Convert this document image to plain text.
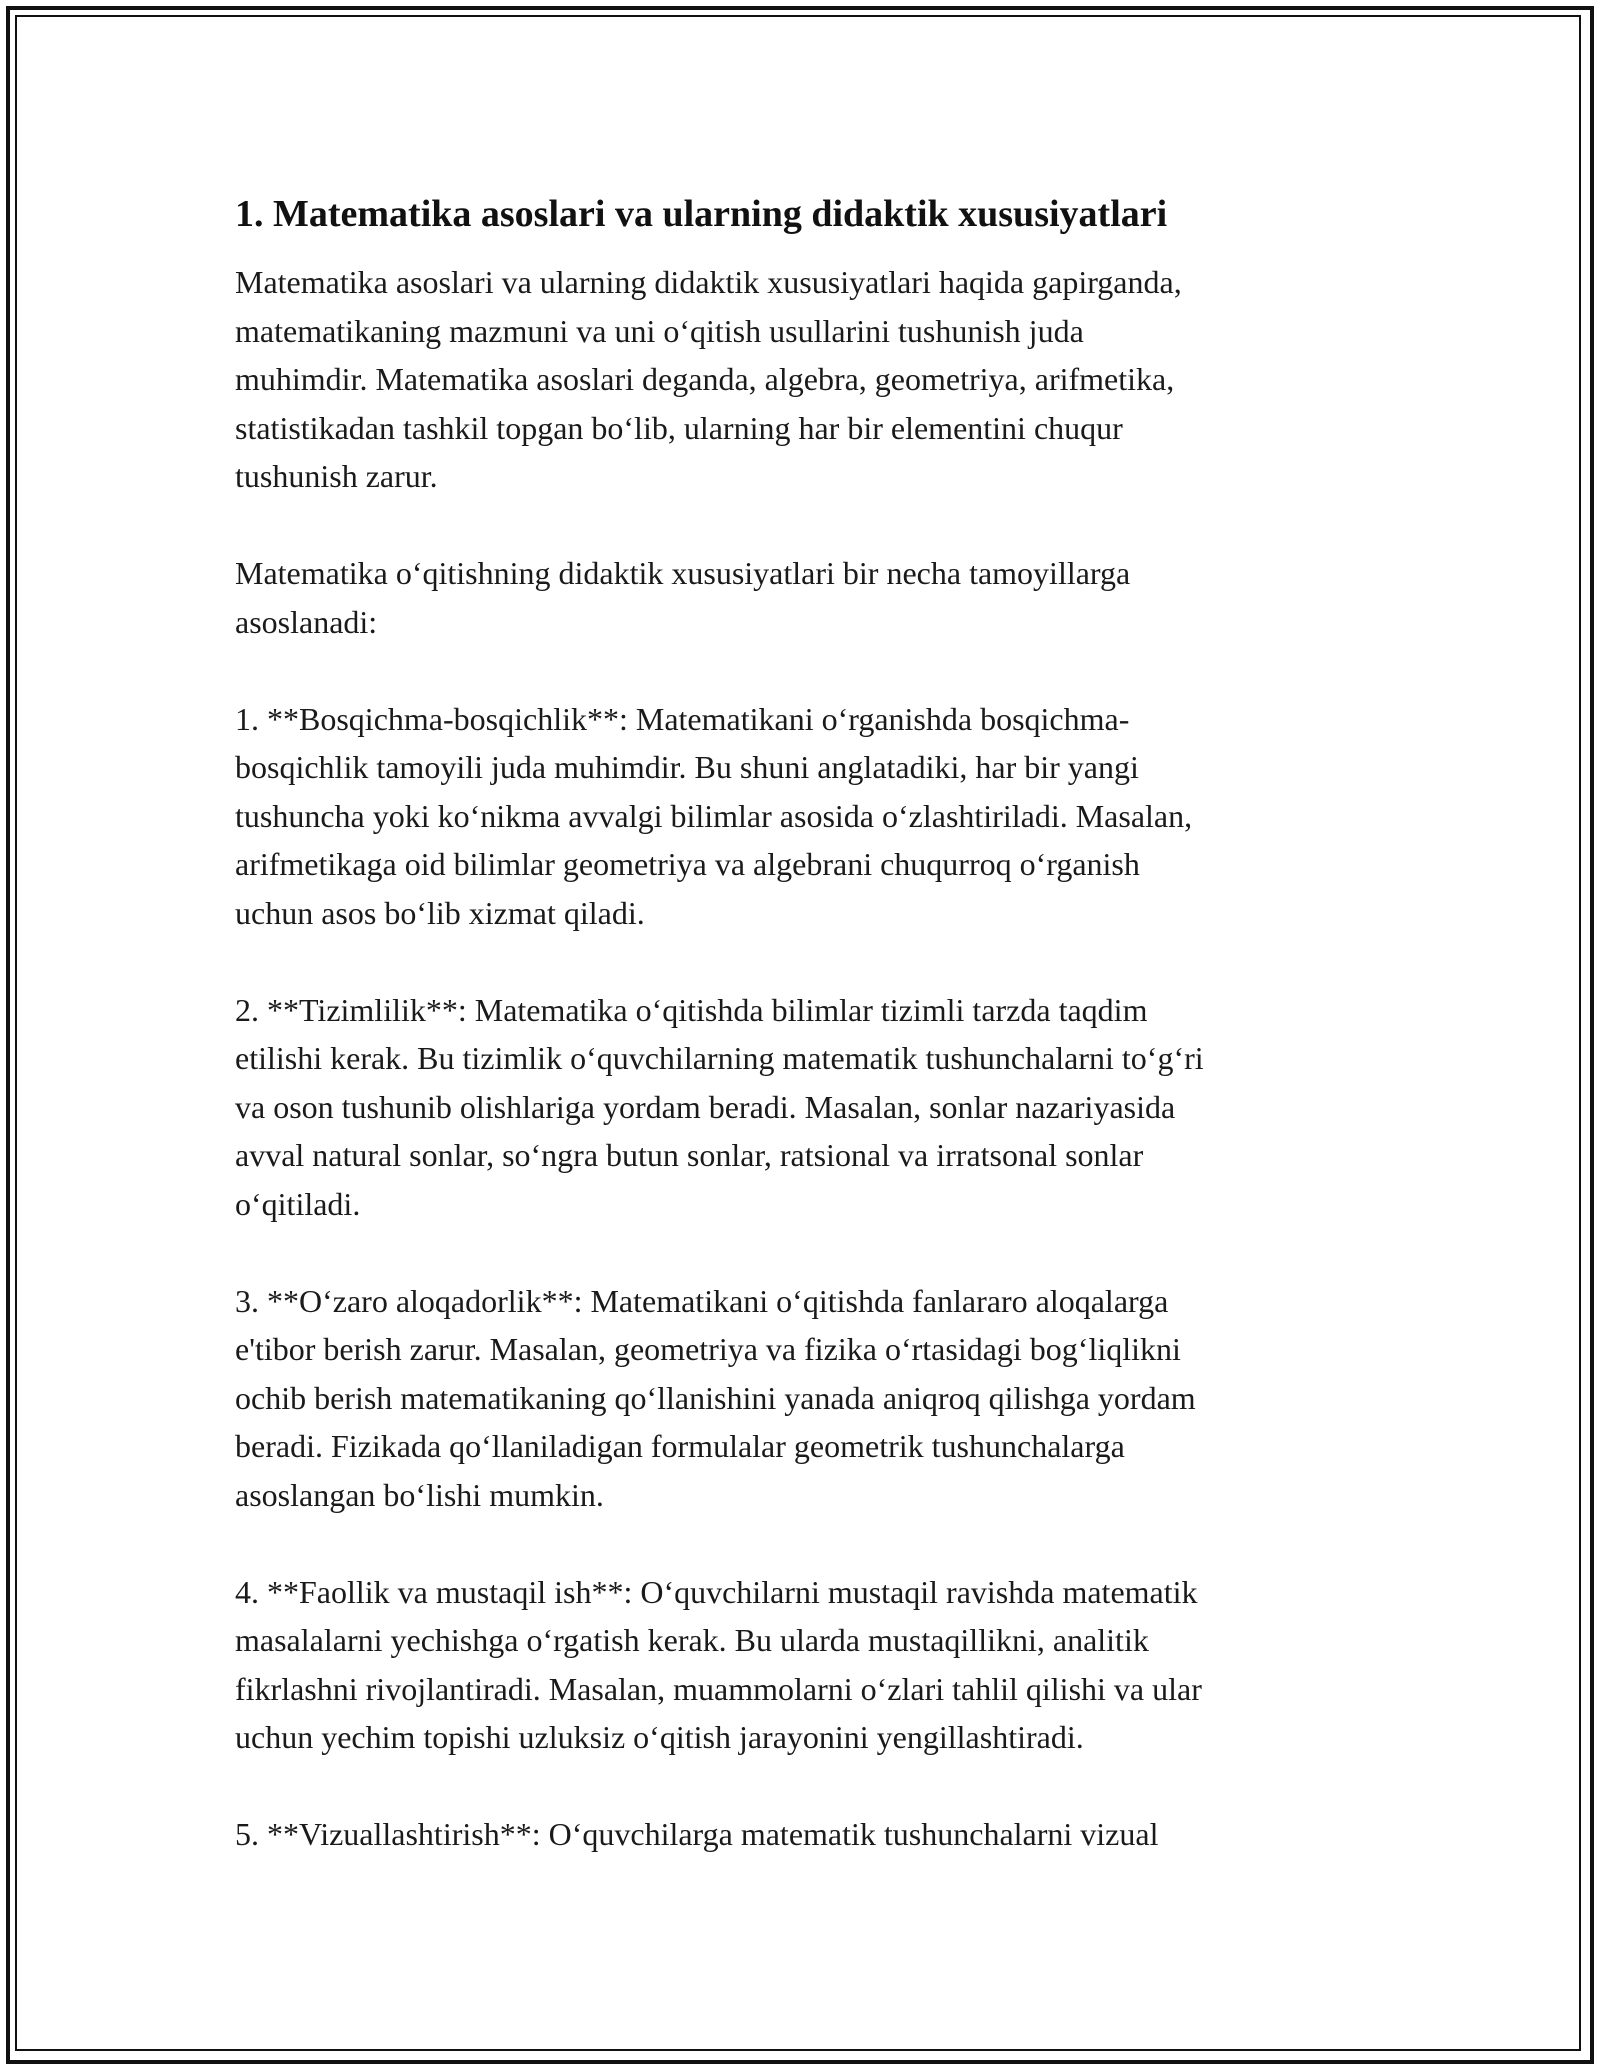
1. Matematika asoslari va ularning didaktik xususiyatlari

Matematika asoslari va ularning didaktik xususiyatlari haqida gapirganda,
matematikaning mazmuni va uni o‘qitish usullarini tushunish juda
muhimdir. Matematika asoslari deganda, algebra, geometriya, arifmetika,
statistikadan tashkil topgan bo‘lib, ularning har bir elementini chuqur
tushunish zarur.

Matematika o‘qitishning didaktik xususiyatlari bir necha tamoyillarga
asoslanadi:

1. **Bosqichma-bosqichlik**: Matematikani o‘rganishda bosqichma-
bosqichlik tamoyili juda muhimdir. Bu shuni anglatadiki, har bir yangi
tushuncha yoki ko‘nikma avvalgi bilimlar asosida o‘zlashtiriladi. Masalan,
arifmetikaga oid bilimlar geometriya va algebrani chuqurroq o‘rganish
uchun asos bo‘lib xizmat qiladi.

2. **Tizimlilik**: Matematika o‘qitishda bilimlar tizimli tarzda taqdim
etilishi kerak. Bu tizimlik o‘quvchilarning matematik tushunchalarni to‘g‘ri
va oson tushunib olishlariga yordam beradi. Masalan, sonlar nazariyasida
avval natural sonlar, so‘ngra butun sonlar, ratsional va irratsonal sonlar
o‘qitiladi.

3. **O‘zaro aloqadorlik**: Matematikani o‘qitishda fanlararo aloqalarga
e'tibor berish zarur. Masalan, geometriya va fizika o‘rtasidagi bog‘liqlikni
ochib berish matematikaning qo‘llanishini yanada aniqroq qilishga yordam
beradi. Fizikada qo‘llaniladigan formulalar geometrik tushunchalarga
asoslangan bo‘lishi mumkin.

4. **Faollik va mustaqil ish**: O‘quvchilarni mustaqil ravishda matematik
masalalarni yechishga o‘rgatish kerak. Bu ularda mustaqillikni, analitik
fikrlashni rivojlantiradi. Masalan, muammolarni o‘zlari tahlil qilishi va ular
uchun yechim topishi uzluksiz o‘qitish jarayonini yengillashtiradi.

5. **Vizuallashtirish**: O‘quvchilarga matematik tushunchalarni vizual
